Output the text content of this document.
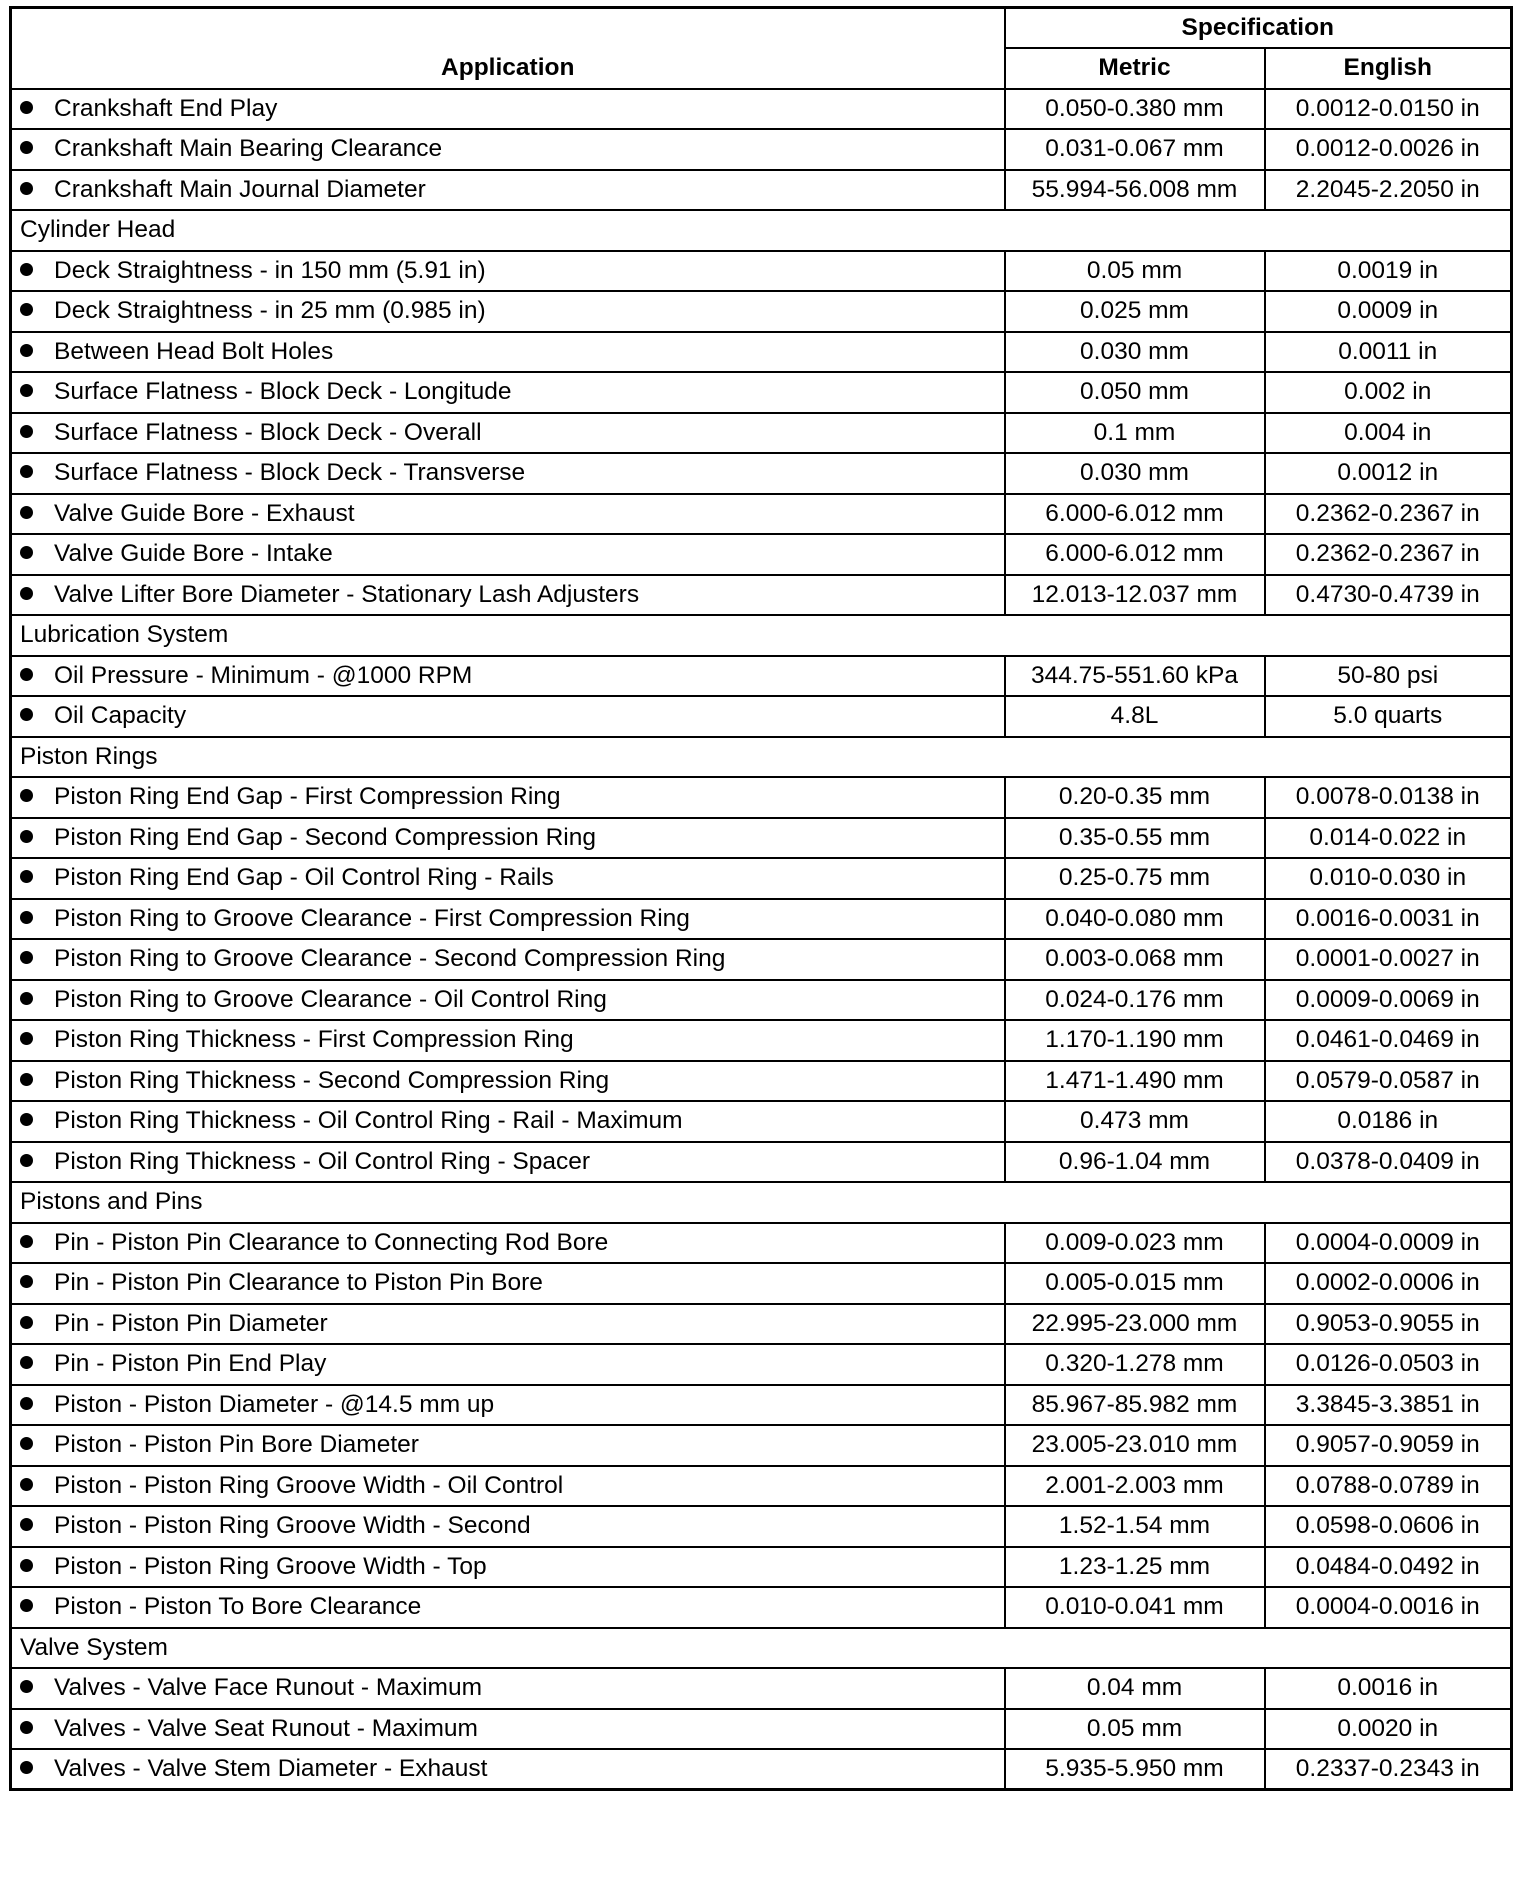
Application	Specification	
	Metric	English
Crankshaft End Play	0.050-0.380 mm	0.0012-0.0150 in
Crankshaft Main Bearing Clearance	0.031-0.067 mm	0.0012-0.0026 in
Crankshaft Main Journal Diameter	55.994-56.008 mm	2.2045-2.2050 in
Cylinder Head		
Deck Straightness - in 150 mm (5.91 in)	0.05 mm	0.0019 in
Deck Straightness - in 25 mm (0.985 in)	0.025 mm	0.0009 in
Between Head Bolt Holes	0.030 mm	0.0011 in
Surface Flatness - Block Deck - Longitude	0.050 mm	0.002 in
Surface Flatness - Block Deck - Overall	0.1 mm	0.004 in
Surface Flatness - Block Deck - Transverse	0.030 mm	0.0012 in
Valve Guide Bore - Exhaust	6.000-6.012 mm	0.2362-0.2367 in
Valve Guide Bore - Intake	6.000-6.012 mm	0.2362-0.2367 in
Valve Lifter Bore Diameter - Stationary Lash Adjusters	12.013-12.037 mm	0.4730-0.4739 in
Lubrication System		
Oil Pressure - Minimum - @1000 RPM	344.75-551.60 kPa	50-80 psi
Oil Capacity	4.8L	5.0 quarts
Piston Rings		
Piston Ring End Gap - First Compression Ring	0.20-0.35 mm	0.0078-0.0138 in
Piston Ring End Gap - Second Compression Ring	0.35-0.55 mm	0.014-0.022 in
Piston Ring End Gap - Oil Control Ring - Rails	0.25-0.75 mm	0.010-0.030 in
Piston Ring to Groove Clearance - First Compression Ring	0.040-0.080 mm	0.0016-0.0031 in
Piston Ring to Groove Clearance - Second Compression Ring	0.003-0.068 mm	0.0001-0.0027 in
Piston Ring to Groove Clearance - Oil Control Ring	0.024-0.176 mm	0.0009-0.0069 in
Piston Ring Thickness - First Compression Ring	1.170-1.190 mm	0.0461-0.0469 in
Piston Ring Thickness - Second Compression Ring	1.471-1.490 mm	0.0579-0.0587 in
Piston Ring Thickness - Oil Control Ring - Rail - Maximum	0.473 mm	0.0186 in
Piston Ring Thickness - Oil Control Ring - Spacer	0.96-1.04 mm	0.0378-0.0409 in
Pistons and Pins		
Pin - Piston Pin Clearance to Connecting Rod Bore	0.009-0.023 mm	0.0004-0.0009 in
Pin - Piston Pin Clearance to Piston Pin Bore	0.005-0.015 mm	0.0002-0.0006 in
Pin - Piston Pin Diameter	22.995-23.000 mm	0.9053-0.9055 in
Pin - Piston Pin End Play	0.320-1.278 mm	0.0126-0.0503 in
Piston - Piston Diameter - @14.5 mm up	85.967-85.982 mm	3.3845-3.3851 in
Piston - Piston Pin Bore Diameter	23.005-23.010 mm	0.9057-0.9059 in
Piston - Piston Ring Groove Width - Oil Control	2.001-2.003 mm	0.0788-0.0789 in
Piston - Piston Ring Groove Width - Second	1.52-1.54 mm	0.0598-0.0606 in
Piston - Piston Ring Groove Width - Top	1.23-1.25 mm	0.0484-0.0492 in
Piston - Piston To Bore Clearance	0.010-0.041 mm	0.0004-0.0016 in
Valve System		
Valves - Valve Face Runout - Maximum	0.04 mm	0.0016 in
Valves - Valve Seat Runout - Maximum	0.05 mm	0.0020 in
Valves - Valve Stem Diameter - Exhaust	5.935-5.950 mm	0.2337-0.2343 in
